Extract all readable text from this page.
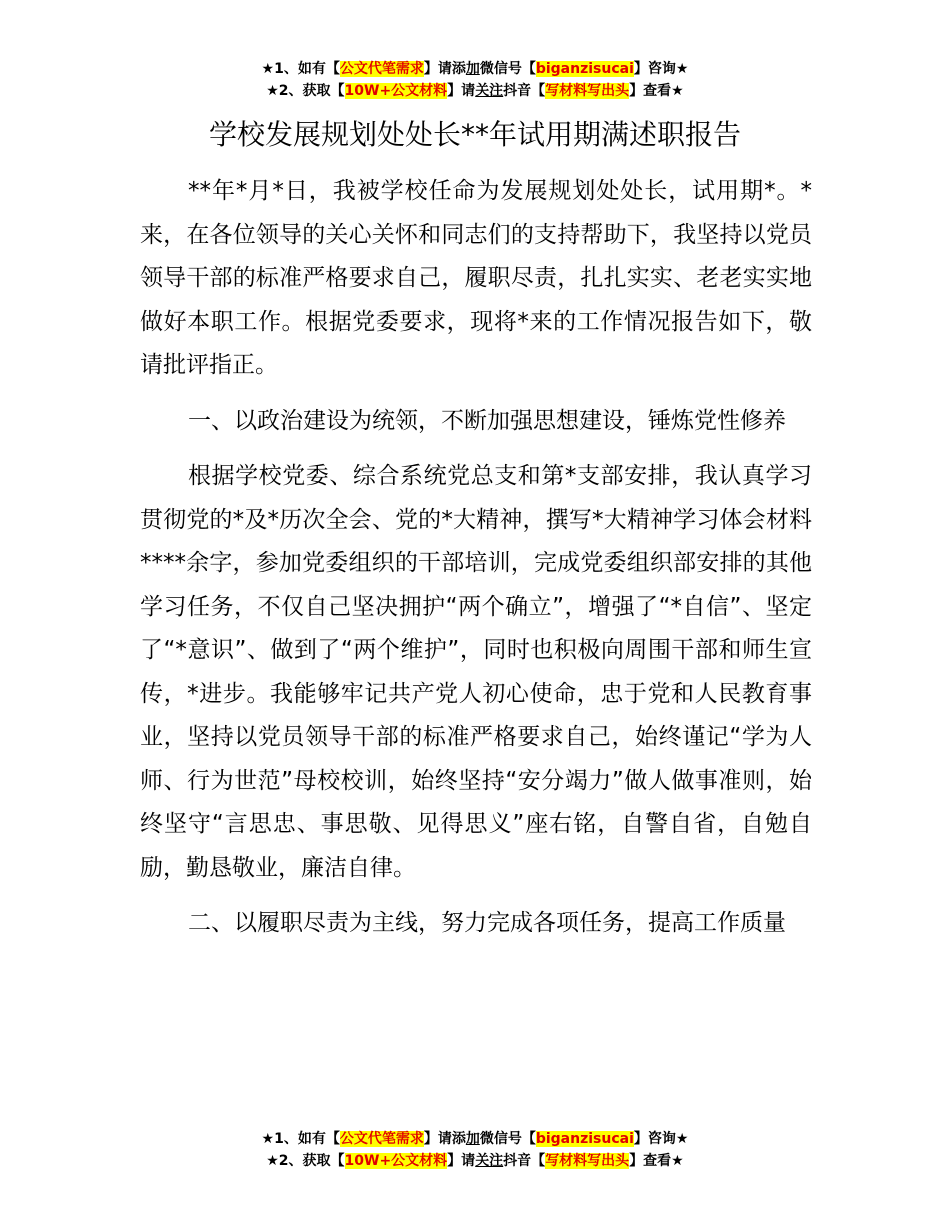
★1、如有【公文代笔需求】请添加微信号【biganzisucai】咨询★
★2、获取【10W+公文材料】请关注抖音【写材料写出头】查看★
学校发展规划处处长**年试用期满述职报告

**年*月*日，我被学校任命为发展规划处处长，试用期*。*来，在各位领导的关心关怀和同志们的支持帮助下，我坚持以党员领导干部的标准严格要求自己，履职尽责，扎扎实实、老老实实地做好本职工作。根据党委要求，现将*来的工作情况报告如下，敬请批评指正。

一、以政治建设为统领，不断加强思想建设，锤炼党性修养

根据学校党委、综合系统党总支和第*支部安排，我认真学习贯彻党的*及*历次全会、党的*大精神，撰写*大精神学习体会材料****余字，参加党委组织的干部培训，完成党委组织部安排的其他学习任务，不仅自己坚决拥护“两个确立”，增强了“*自信”、坚定了“*意识”、做到了“两个维护”，同时也积极向周围干部和师生宣传，*进步。我能够牢记共产党人初心使命，忠于党和人民教育事业，坚持以党员领导干部的标准严格要求自己，始终谨记“学为人师、行为世范”母校校训，始终坚持“安分竭力”做人做事准则，始终坚守“言思忠、事思敬、见得思义”座右铭，自警自省，自勉自励，勤恳敬业，廉洁自律。

二、以履职尽责为主线，努力完成各项任务，提高工作质量

★1、如有【公文代笔需求】请添加微信号【biganzisucai】咨询★
★2、获取【10W+公文材料】请关注抖音【写材料写出头】查看★
